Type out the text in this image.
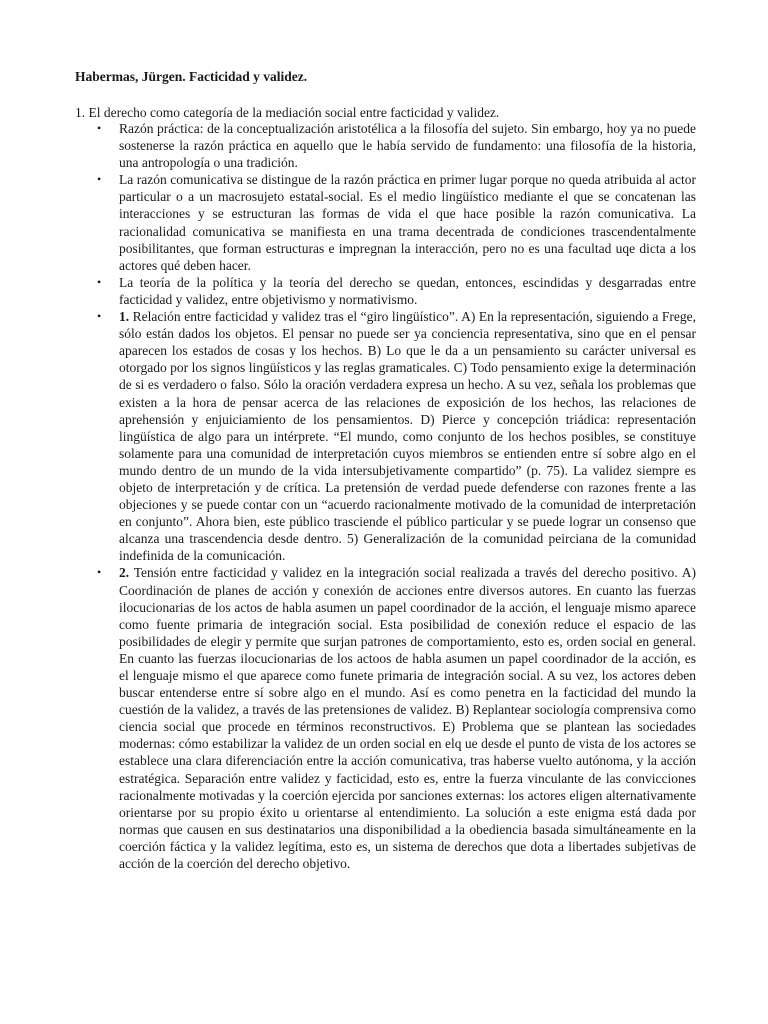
Habermas, Jürgen. Facticidad y validez.
1. El derecho como categoría de la mediación social entre facticidad y validez.
• Razón práctica: de la conceptualización aristotélica a la filosofía del sujeto. Sin embargo, hoy ya no puede sostenerse la razón práctica en aquello que le había servido de fundamento: una filosofía de la historia, una antropología o una tradición.
• La razón comunicativa se distingue de la razón práctica en primer lugar porque no queda atribuida al actor particular o a un macrosujeto estatal-social. Es el medio lingüístico mediante el que se concatenan las interacciones y se estructuran las formas de vida el que hace posible la razón comunicativa. La racionalidad comunicativa se manifiesta en una trama decentrada de condiciones trascendentalmente posibilitantes, que forman estructuras e impregnan la interacción, pero no es una facultad uqe dicta a los actores qué deben hacer.
• La teoría de la política y la teoría del derecho se quedan, entonces, escindidas y desgarradas entre facticidad y validez, entre objetivismo y normativismo.
• 1. Relación entre facticidad y validez tras el “giro lingüístico”. A) En la representación, siguiendo a Frege, sólo están dados los objetos. El pensar no puede ser ya conciencia representativa, sino que en el pensar aparecen los estados de cosas y los hechos. B) Lo que le da a un pensamiento su carácter universal es otorgado por los signos lingüísticos y las reglas gramaticales. C) Todo pensamiento exige la determinación de si es verdadero o falso. Sólo la oración verdadera expresa un hecho. A su vez, señala los problemas que existen a la hora de pensar acerca de las relaciones de exposición de los hechos, las relaciones de aprehensión y enjuiciamiento de los pensamientos. D) Pierce y concepción triádica: representación lingüística de algo para un intérprete. “El mundo, como conjunto de los hechos posibles, se constituye solamente para una comunidad de interpretación cuyos miembros se entienden entre sí sobre algo en el mundo dentro de un mundo de la vida intersubjetivamente compartido” (p. 75). La validez siempre es objeto de interpretación y de crítica. La pretensión de verdad puede defenderse con razones frente a las objeciones y se puede contar con un “acuerdo racionalmente motivado de la comunidad de interpretación en conjunto”. Ahora bien, este público trasciende el público particular y se puede lograr un consenso que alcanza una trascendencia desde dentro. 5) Generalización de la comunidad peirciana de la comunidad indefinida de la comunicación.
• 2. Tensión entre facticidad y validez en la integración social realizada a través del derecho positivo. A) Coordinación de planes de acción y conexión de acciones entre diversos autores. En cuanto las fuerzas ilocucionarias de los actos de habla asumen un papel coordinador de la acción, el lenguaje mismo aparece como fuente primaria de integración social. Esta posibilidad de conexión reduce el espacio de las posibilidades de elegir y permite que surjan patrones de comportamiento, esto es, orden social en general. En cuanto las fuerzas ilocucionarias de los actoos de habla asumen un papel coordinador de la acción, es el lenguaje mismo el que aparece como funete primaria de integración social. A su vez, los actores deben buscar entenderse entre sí sobre algo en el mundo. Así es como penetra en la facticidad del mundo la cuestión de la validez, a través de las pretensiones de validez. B) Replantear sociología comprensiva como ciencia social que procede en términos reconstructivos. E) Problema que se plantean las sociedades modernas: cómo estabilizar la validez de un orden social en elq ue desde el punto de vista de los actores se establece una clara diferenciación entre la acción comunicativa, tras haberse vuelto autónoma, y la acción estratégica. Separación entre validez y facticidad, esto es, entre la fuerza vinculante de las convicciones racionalmente motivadas y la coerción ejercida por sanciones externas: los actores eligen alternativamente orientarse por su propio éxito u orientarse al entendimiento. La solución a este enigma está dada por normas que causen en sus destinatarios una disponibilidad a la obediencia basada simultáneamente en la coerción fáctica y la validez legítima, esto es, un sistema de derechos que dota a libertades subjetivas de acción de la coerción del derecho objetivo.
